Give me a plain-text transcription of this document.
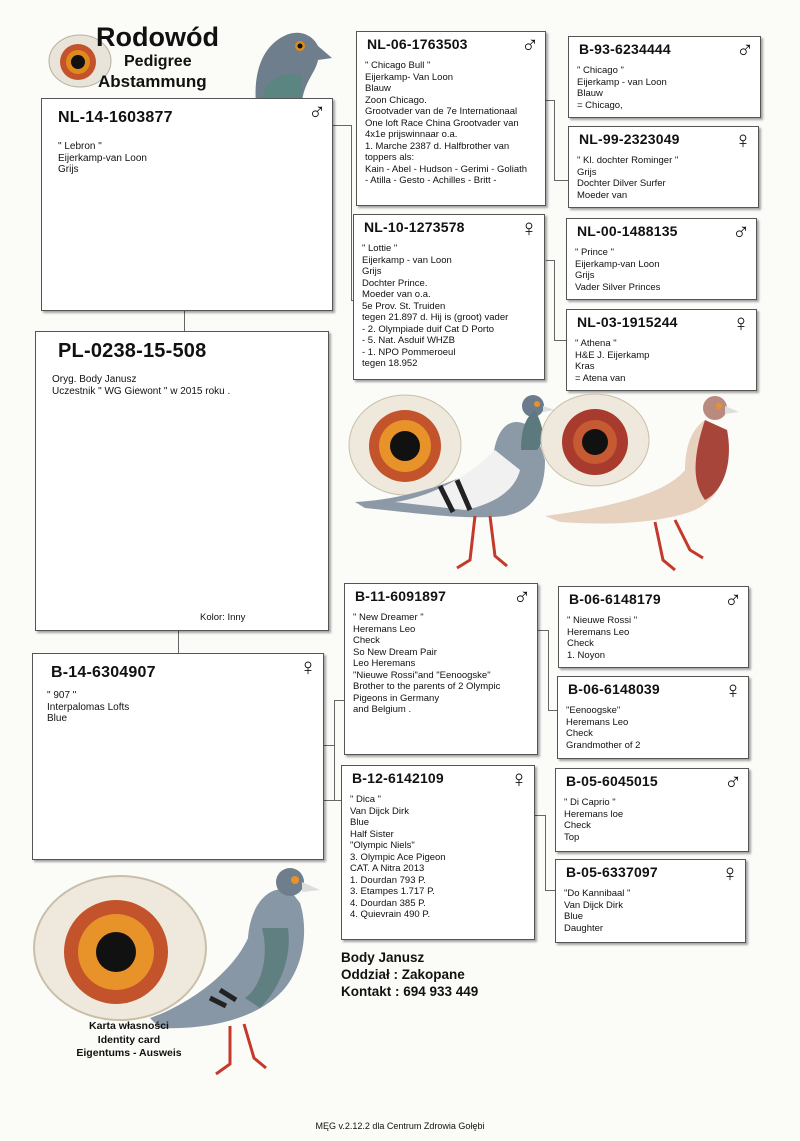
Rodowód
Pedigree
Abstammung
NL-14-1603877	♂
" Lebron "
Eijerkamp-van Loon
Grijs
PL-0238-15-508
Oryg. Body Janusz
Uczestnik " WG Giewont " w 2015 roku .
Kolor: Inny
B-14-6304907	♀
" 907 "
Interpalomas Lofts
Blue
NL-06-1763503 ♂
" Chicago Bull "
Eijerkamp- Van Loon
Blauw
Zoon Chicago.
Grootvader van de 7e Internationaal
One loft Race China Grootvader van
4x1e prijswinnaar o.a.
1. Marche 2387 d. Halfbrother van
toppers als:
Kain - Abel - Hudson - Gerimi - Goliath
- Atilla - Gesto - Achilles - Britt -
NL-10-1273578 ♀
" Lottie "
Eijerkamp - van Loon
Grijs
Dochter Prince.
Moeder van o.a.
5e Prov. St. Truiden
tegen 21.897 d. Hij is (groot) vader
- 2. Olympiade duif Cat D Porto
- 5. Nat. Asduif WHZB
- 1. NPO Pommeroeul
tegen 18.952
B-11-6091897	♂
" New Dreamer "
Heremans Leo
Check
So New Dream Pair
Leo Heremans
"Nieuwe Rossi"and "Eenoogske"
Brother to the parents of 2 Olympic
Pigeons in Germany
and Belgium .
B-12-6142109	♀
" Dica "
Van Dijck Dirk
Blue
Half Sister
"Olympic Niels"
3. Olympic Ace Pigeon
CAT. A Nitra 2013
1. Dourdan 793 P.
3. Etampes 1.717 P.
4. Dourdan 385 P.
4. Quievrain 490 P.
B-93-6234444	♂
" Chicago "
Eijerkamp - van Loon
Blauw
= Chicago,
NL-99-2323049 ♀
" Kl. dochter Rominger "
Grijs
Dochter Dilver Surfer
Moeder van
NL-00-1488135 ♂
" Prince "
Eijerkamp-van Loon
Grijs
Vader Silver Princes
NL-03-1915244 ♀
" Athena "
H&E J. Eijerkamp
Kras
= Atena van
B-06-6148179	♂
" Nieuwe Rossi "
Heremans Leo
Check
1. Noyon
B-06-6148039	♀
"Eenoogske"
Heremans Leo
Check
Grandmother of 2
B-05-6045015	♂
" Di Caprio "
Heremans loe
Check
Top
B-05-6337097	♀
"Do Kannibaal "
Van Dijck Dirk
Blue
Daughter
Karta własności
Identity card
Eigentums - Ausweis
Body Janusz
Oddział : Zakopane
Kontakt : 694 933 449
MĘG v.2.12.2 dla Centrum Zdrowia Gołębi
